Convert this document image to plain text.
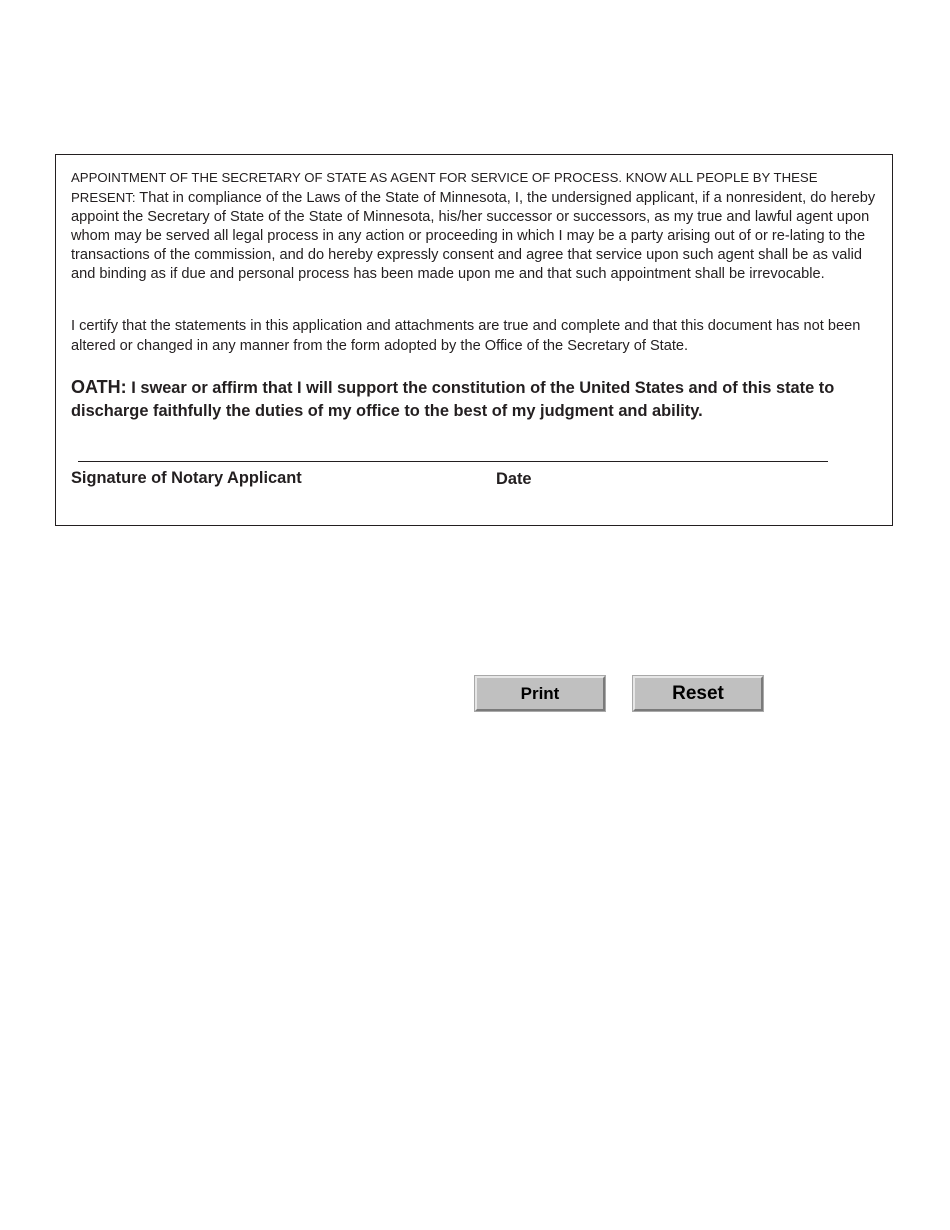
APPOINTMENT OF THE SECRETARY OF STATE AS AGENT FOR SERVICE OF PROCESS. KNOW ALL PEOPLE BY THESE
PRESENT: That in compliance of the Laws of the State of Minnesota, I, the undersigned applicant, if a nonresident, do hereby appoint the Secretary of State of the State of Minnesota, his/her successor or successors, as my true and lawful agent upon whom may be served all legal process in any action or proceeding in which I may be a party arising out of or re-lating to the transactions of the commission, and do hereby expressly consent and agree that service upon such agent shall be as valid and binding as if due and personal process has been made upon me and that such appointment shall be irrevocable.

I certify that the statements in this application and attachments are true and complete and that this document has not been altered or changed in any manner from the form adopted by the Office of the Secretary of State.

OATH: I swear or affirm that I will support the constitution of the United States and of this state to discharge faithfully the duties of my office to the best of my judgment and ability.

Signature of Notary Applicant	Date
Print	Reset
